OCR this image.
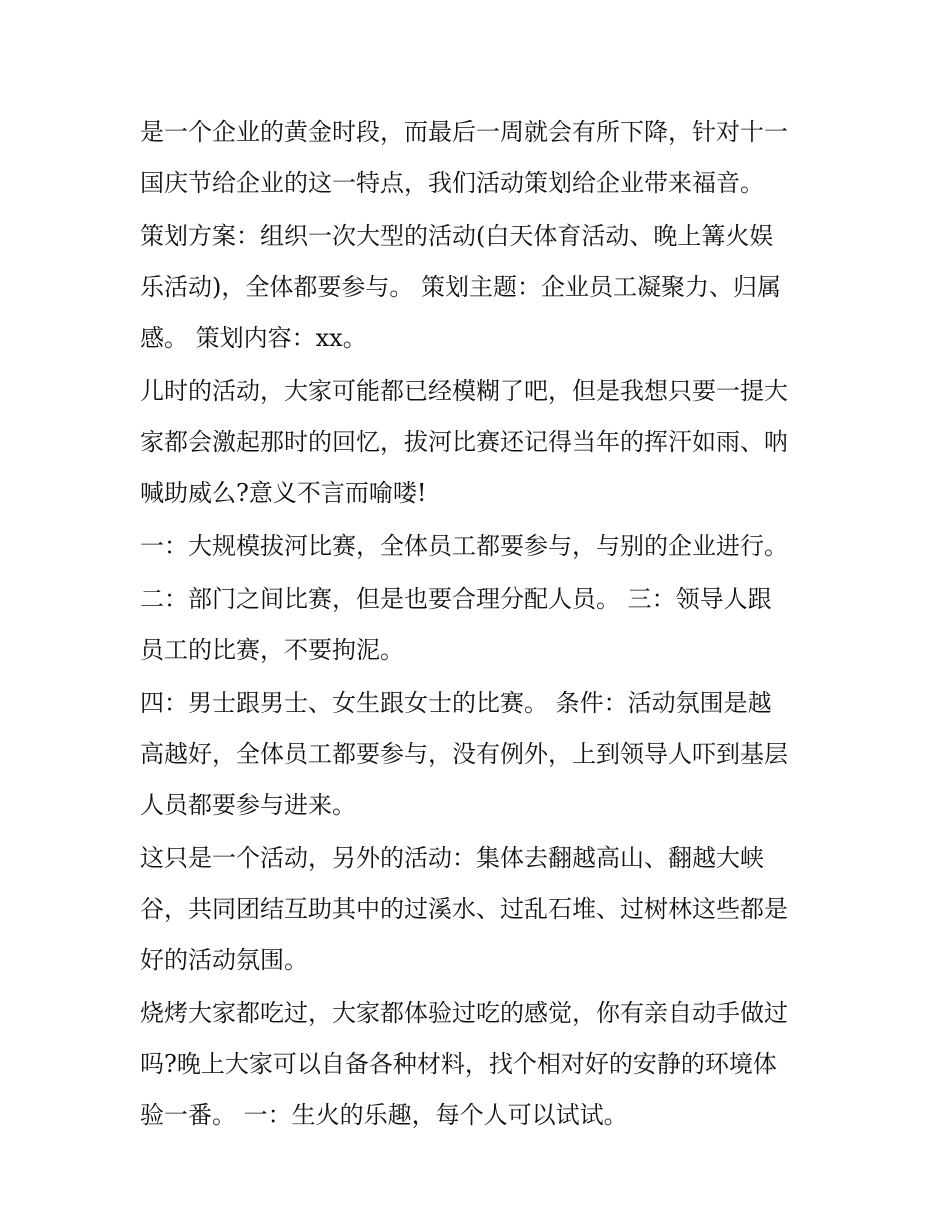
是一个企业的黄金时段，而最后一周就会有所下降，针对十一
国庆节给企业的这一特点，我们活动策划给企业带来福音。

策划方案：组织一次大型的活动(白天体育活动、晚上篝火娱
乐活动)，全体都要参与。 策划主题：企业员工凝聚力、归属
感。 策划内容：xx。

儿时的活动，大家可能都已经模糊了吧，但是我想只要一提大
家都会激起那时的回忆，拔河比赛还记得当年的挥汗如雨、呐
喊助威么?意义不言而喻喽!

一：大规模拔河比赛，全体员工都要参与，与别的企业进行。

二：部门之间比赛，但是也要合理分配人员。 三：领导人跟
员工的比赛，不要拘泥。

四：男士跟男士、女生跟女士的比赛。 条件：活动氛围是越
高越好，全体员工都要参与，没有例外，上到领导人吓到基层
人员都要参与进来。

这只是一个活动，另外的活动：集体去翻越高山、翻越大峡
谷，共同团结互助其中的过溪水、过乱石堆、过树林这些都是
好的活动氛围。

烧烤大家都吃过，大家都体验过吃的感觉，你有亲自动手做过
吗?晚上大家可以自备各种材料，找个相对好的安静的环境体
验一番。 一：生火的乐趣，每个人可以试试。
